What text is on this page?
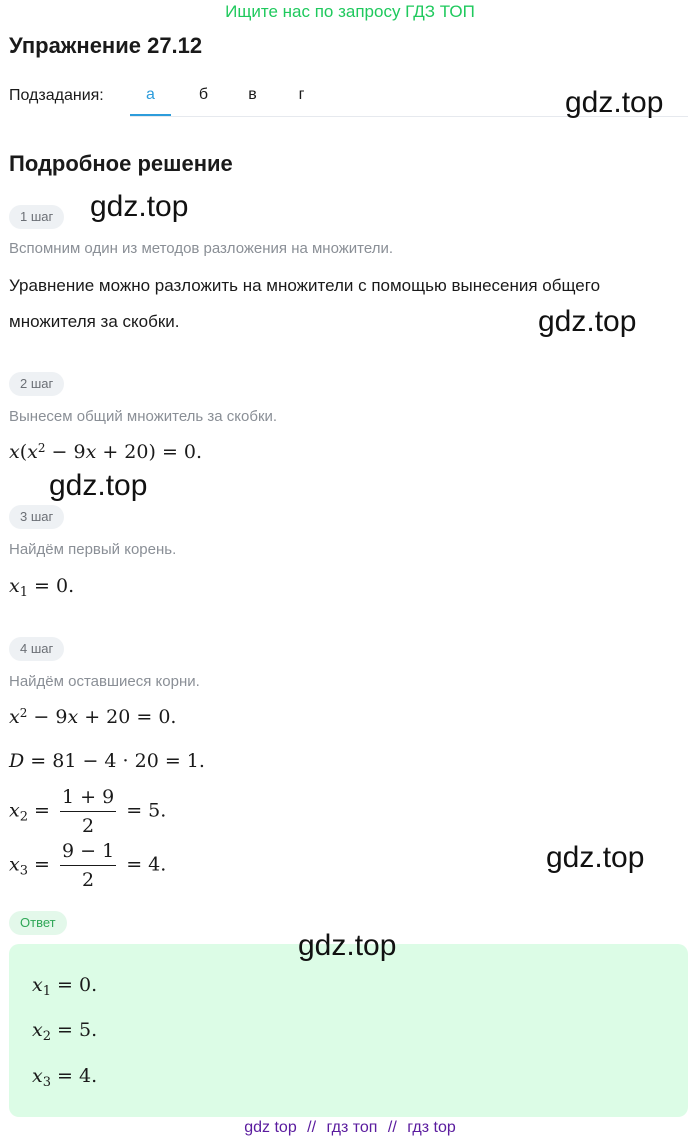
Ищите нас по запросу ГДЗ ТОП
Упражнение 27.12
Подзадания:	а	б	в	г	gdz.top
Подробное решение
1 шаг	gdz.top
Вспомним один из методов разложения на множители.
Уравнение можно разложить на множители с помощью вынесения общего множителя за скобки.	gdz.top
2 шаг
Вынесем общий множитель за скобки.
$x(x^2 - 9x + 20) = 0$.
gdz.top
3 шаг
Найдём первый корень.
$x_1 = 0$.
4 шаг
Найдём оставшиеся корни.
$x^2 - 9x + 20 = 0$.
D = 81 − 4 · 20 = 1.
$x_2 = \frac{1 + 9}{2} = 5$.
$x_3 = \frac{9 - 1}{2} = 4$.	gdz.top
Ответ
gdz.top
$x_1 = 0$.
$x_2 = 5$.
$x_3 = 4$.
gdz top // гдз топ // гдз top
